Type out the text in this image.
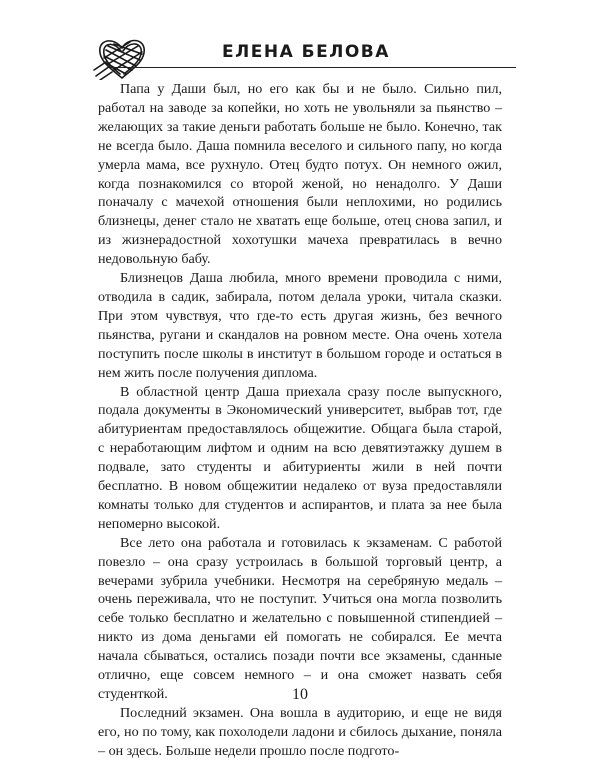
ЕЛЕНА БЕЛОВА

Папа у Даши был, но его как бы и не было. Сильно пил, работал на заводе за копейки, но хоть не увольняли за пьянство – желающих за такие деньги работать больше не было. Конечно, так не всегда было. Даша помнила веселого и сильного папу, но когда умерла мама, все рухнуло. Отец будто потух. Он немного ожил, когда познакомился со второй женой, но ненадолго. У Даши поначалу с мачехой отношения были неплохими, но родились близнецы, денег стало не хватать еще больше, отец снова запил, и из жизнерадостной хохотушки мачеха превратилась в вечно недовольную бабу.

Близнецов Даша любила, много времени проводила с ними, отводила в садик, забирала, потом делала уроки, читала сказки. При этом чувствуя, что где-то есть другая жизнь, без вечного пьянства, ругани и скандалов на ровном месте. Она очень хотела поступить после школы в институт в большом городе и остаться в нем жить после получения диплома.

В областной центр Даша приехала сразу после выпускного, подала документы в Экономический университет, выбрав тот, где абитуриентам предоставлялось общежитие. Общага была старой, с неработающим лифтом и одним на всю девятиэтажку душем в подвале, зато студенты и абитуриенты жили в ней почти бесплатно. В новом общежитии недалеко от вуза предоставляли комнаты только для студентов и аспирантов, и плата за нее была непомерно высокой.

Все лето она работала и готовилась к экзаменам. С работой повезло – она сразу устроилась в большой торговый центр, а вечерами зубрила учебники. Несмотря на серебряную медаль – очень переживала, что не поступит. Учиться она могла позволить себе только бесплатно и желательно с повышенной стипендией – никто из дома деньгами ей помогать не собирался. Ее мечта начала сбываться, остались позади почти все экзамены, сданные отлично, еще совсем немного – и она сможет назвать себя студенткой.

Последний экзамен. Она вошла в аудиторию, и еще не видя его, но по тому, как похолодели ладони и сбилось дыхание, поняла – он здесь. Больше недели прошло после подгото-

10
